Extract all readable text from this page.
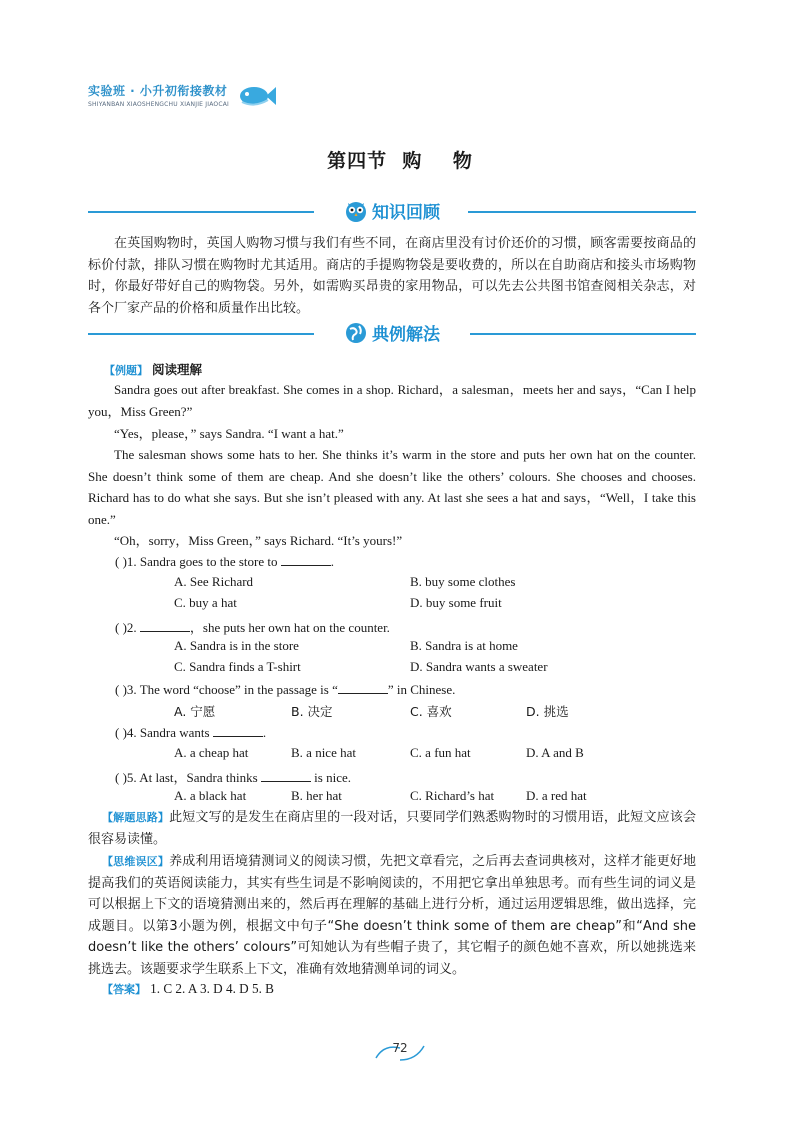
实验班 · 小升初衔接教材
SHIYANBAN XIAOSHENGCHU XIANJIE JIAOCAI
第四节  购    物
知识回顾

在英国购物时，英国人购物习惯与我们有些不同，在商店里没有讨价还价的习惯，顾客需要按商品的标价付款，排队习惯在购物时尤其适用。商店的手提购物袋是要收费的，所以在自助商店和接头市场购物时，你最好带好自己的购物袋。另外，如需购买昂贵的家用物品，可以先去公共图书馆查阅相关杂志，对各个厂家产品的价格和质量作出比较。

典例解法
【例题】 阅读理解

Sandra goes out after breakfast. She comes in a shop. Richard，a salesman，meets her and says，“Can I help you，Miss Green?”

“Yes，please，” says Sandra. “I want a hat.”

The salesman shows some hats to her. She thinks it’s warm in the store and puts her own hat on the counter. She doesn’t think some of them are cheap. And she doesn’t like the others’ colours. She chooses and chooses. Richard has to do what she says. But she isn’t pleased with any. At last she sees a hat and says，“Well，I take this one.”

“Oh，sorry，Miss Green，” says Richard. “It’s yours!”

( )1. Sandra goes to the store to	.
A. See Richard	B. buy some clothes
C. buy a hat	D. buy some fruit
( )2.	，she puts her own hat on the counter.
A. Sandra is in the store	B. Sandra is at home
C. Sandra finds a T-shirt	D. Sandra wants a sweater
( )3. The word “choose” in the passage is “	” in Chinese.
A. 宁愿	B. 决定	C. 喜欢	D. 挑选
( )4. Sandra wants	.
A. a cheap hat	B. a nice hat	C. a fun hat	D. A and B
( )5. At last，Sandra thinks	is nice.
A. a black hat	B. her hat	C. Richard’s hat D. a red hat

【解题思路】此短文写的是发生在商店里的一段对话，只要同学们熟悉购物时的习惯用语，此短文应该会很容易读懂。

【思维误区】养成利用语境猜测词义的阅读习惯，先把文章看完，之后再去查词典核对，这样才能更好地提高我们的英语阅读能力，其实有些生词是不影响阅读的，不用把它拿出单独思考。而有些生词的词义是可以根据上下文的语境猜测出来的，然后再在理解的基础上进行分析，通过运用逻辑思维，做出选择，完成题目。以第3小题为例，根据文中句子“She doesn’t think some of them are cheap”和“And she doesn’t like the others’ colours”可知她认为有些帽子贵了，其它帽子的颜色她不喜欢，所以她挑选来挑选去。该题要求学生联系上下文，准确有效地猜测单词的词义。

【答案】 1. C 2. A 3. D 4. D 5. B
72
